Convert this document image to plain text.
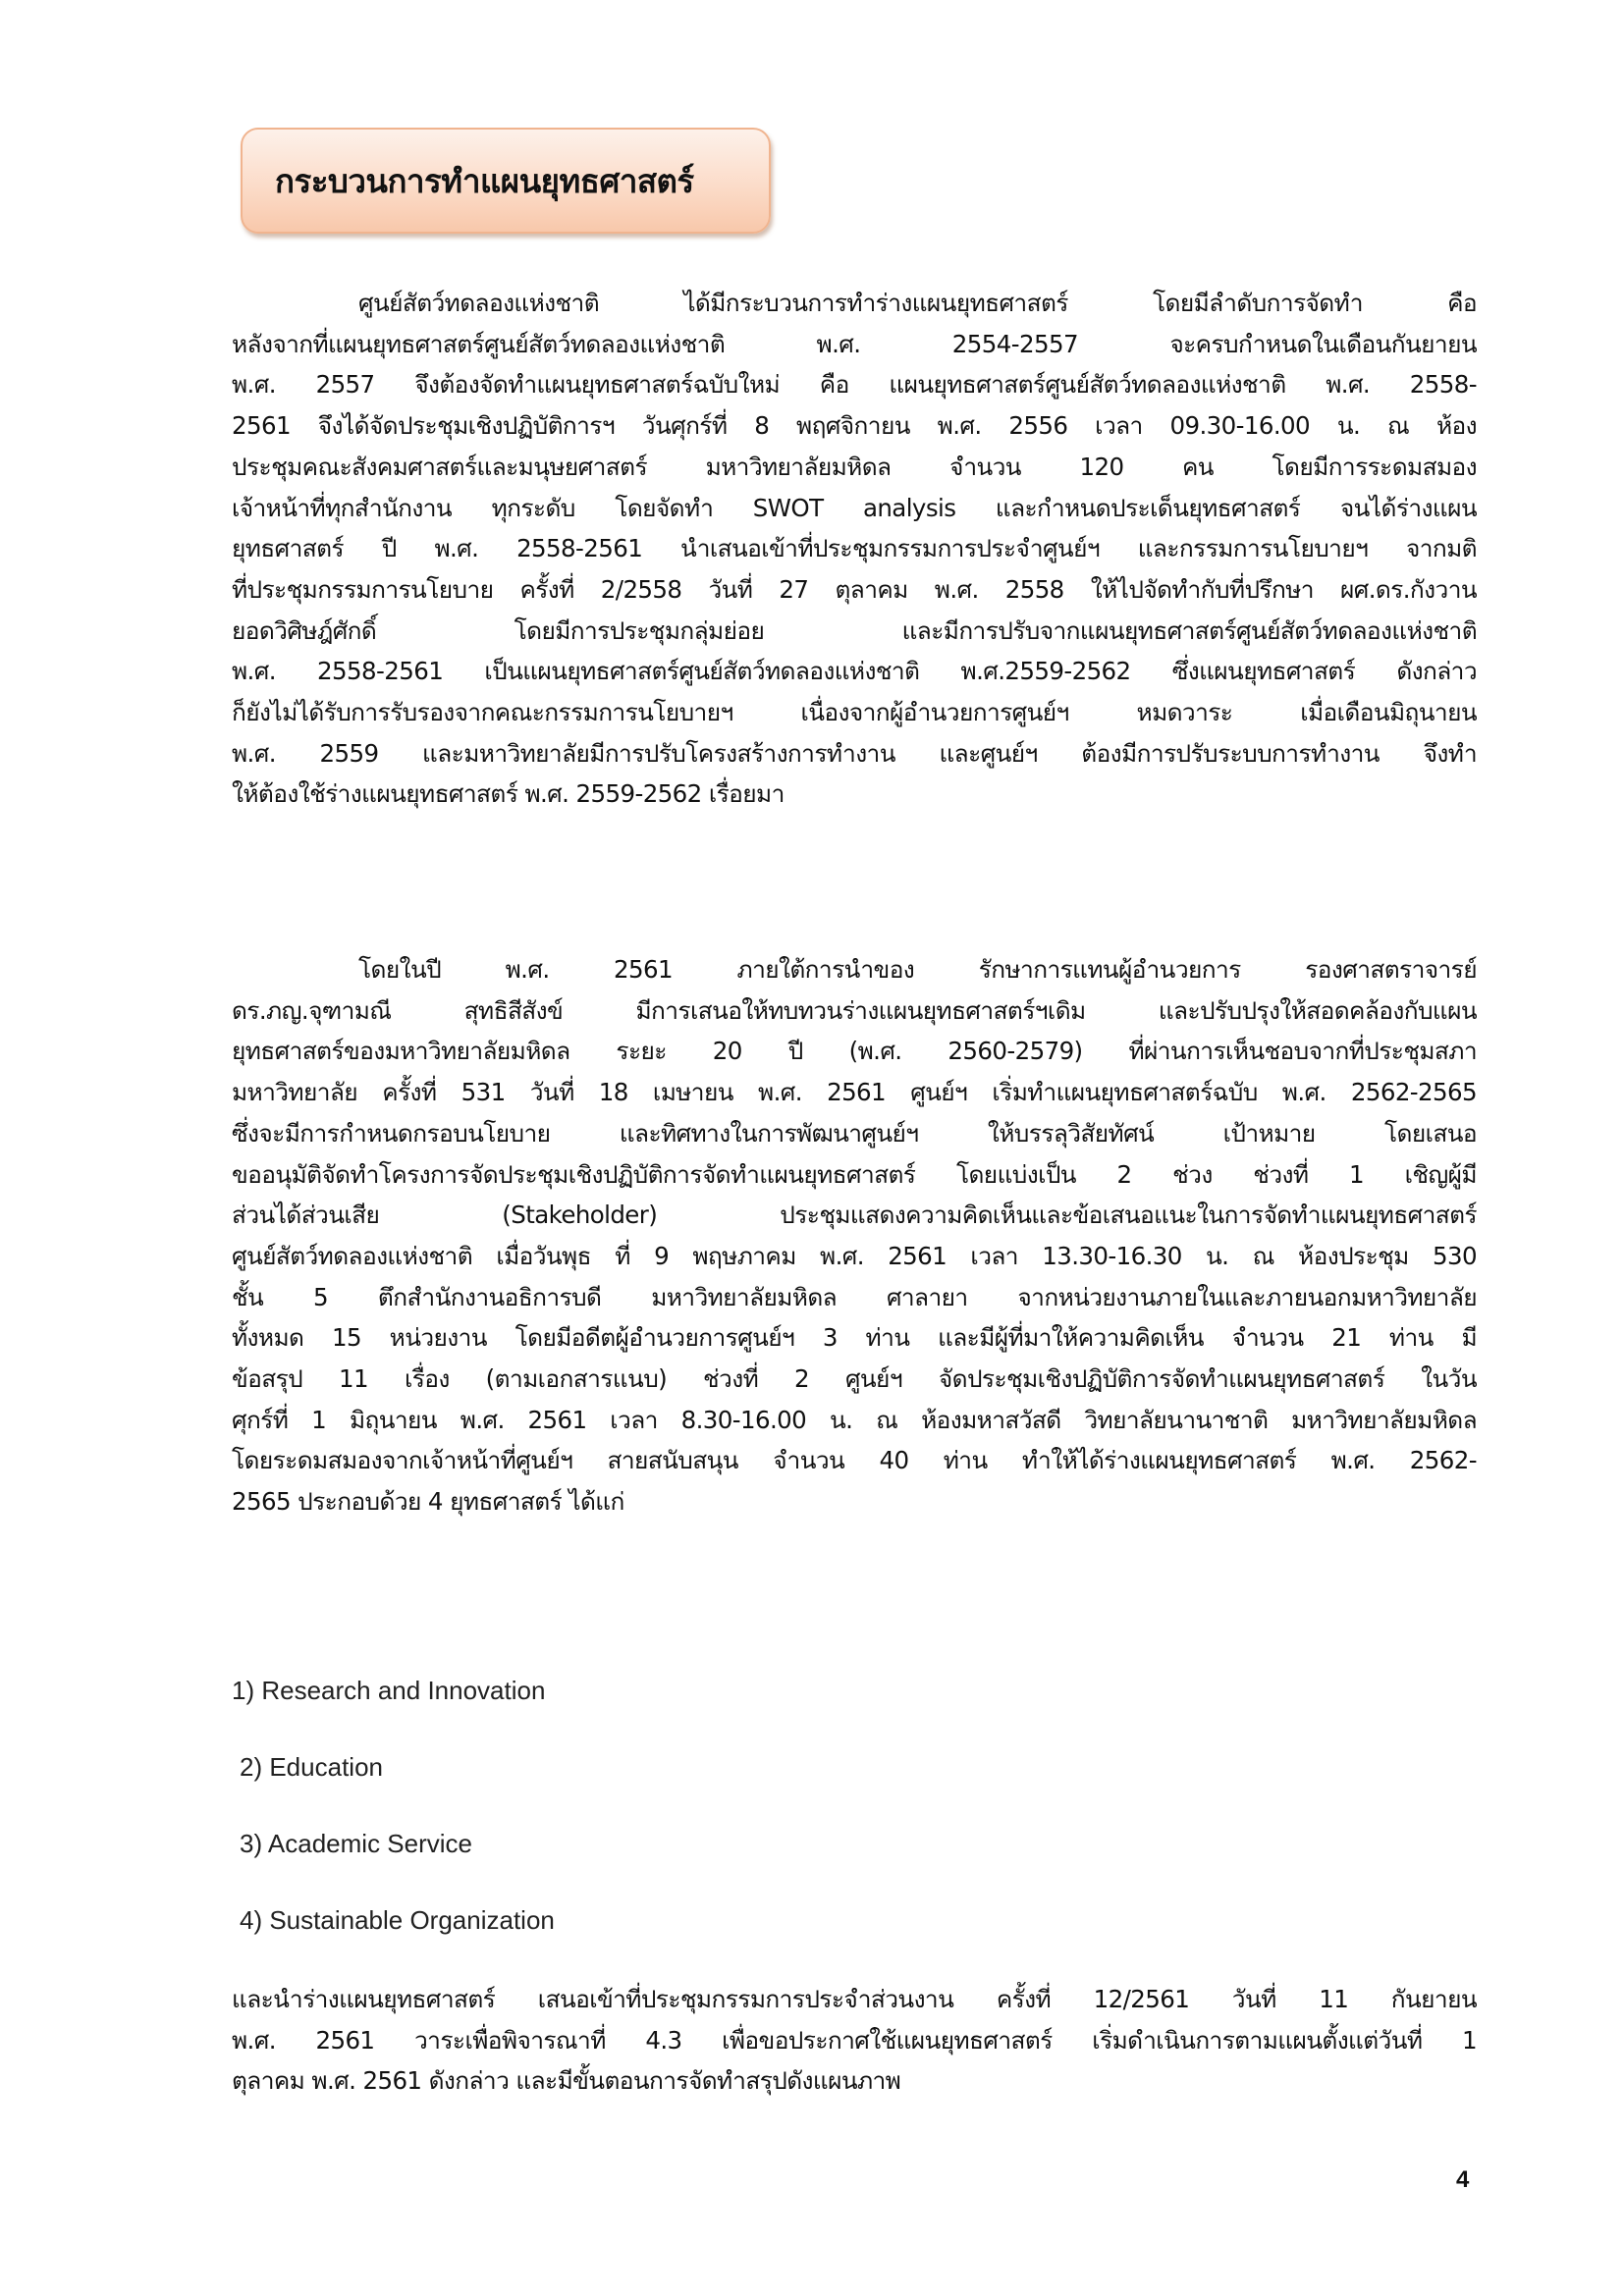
กระบวนการทำแผนยุทธศาสตร์
ศูนย์สัตว์ทดลองแห่งชาติ ได้มีกระบวนการทำร่างแผนยุทธศาสตร์ โดยมีลำดับการจัดทำ คือ
หลังจากที่แผนยุทธศาสตร์ศูนย์สัตว์ทดลองแห่งชาติ พ.ศ. 2554-2557 จะครบกำหนดในเดือนกันยายน
พ.ศ. 2557 จึงต้องจัดทำแผนยุทธศาสตร์ฉบับใหม่ คือ แผนยุทธศาสตร์ศูนย์สัตว์ทดลองแห่งชาติ พ.ศ. 2558-
2561 จึงได้จัดประชุมเชิงปฏิบัติการฯ วันศุกร์ที่ 8 พฤศจิกายน พ.ศ. 2556 เวลา 09.30-16.00 น. ณ ห้อง
ประชุมคณะสังคมศาสตร์และมนุษยศาสตร์ มหาวิทยาลัยมหิดล จำนวน 120 คน โดยมีการระดมสมอง
เจ้าหน้าที่ทุกสำนักงาน ทุกระดับ โดยจัดทำ SWOT analysis และกำหนดประเด็นยุทธศาสตร์ จนได้ร่างแผน
ยุทธศาสตร์ ปี พ.ศ. 2558-2561 นำเสนอเข้าที่ประชุมกรรมการประจำศูนย์ฯ และกรรมการนโยบายฯ จากมติ
ที่ประชุมกรรมการนโยบาย ครั้งที่ 2/2558 วันที่ 27 ตุลาคม พ.ศ. 2558 ให้ไปจัดทำกับที่ปรึกษา ผศ.ดร.กังวาน
ยอดวิศิษฎ์ศักดิ์ โดยมีการประชุมกลุ่มย่อย และมีการปรับจากแผนยุทธศาสตร์ศูนย์สัตว์ทดลองแห่งชาติ
พ.ศ. 2558-2561 เป็นแผนยุทธศาสตร์ศูนย์สัตว์ทดลองแห่งชาติ พ.ศ.2559-2562 ซึ่งแผนยุทธศาสตร์ ดังกล่าว
ก็ยังไม่ได้รับการรับรองจากคณะกรรมการนโยบายฯ เนื่องจากผู้อำนวยการศูนย์ฯ หมดวาระ เมื่อเดือนมิถุนายน
พ.ศ. 2559 และมหาวิทยาลัยมีการปรับโครงสร้างการทำงาน และศูนย์ฯ ต้องมีการปรับระบบการทำงาน จึงทำ
ให้ต้องใช้ร่างแผนยุทธศาสตร์ พ.ศ. 2559-2562 เรื่อยมา
โดยในปี พ.ศ. 2561 ภายใต้การนำของ รักษาการแทนผู้อำนวยการ รองศาสตราจารย์
ดร.ภญ.จุฑามณี สุทธิสีสังข์ มีการเสนอให้ทบทวนร่างแผนยุทธศาสตร์ฯเดิม และปรับปรุงให้สอดคล้องกับแผน
ยุทธศาสตร์ของมหาวิทยาลัยมหิดล ระยะ 20 ปี (พ.ศ. 2560-2579) ที่ผ่านการเห็นชอบจากที่ประชุมสภา
มหาวิทยาลัย ครั้งที่ 531 วันที่ 18 เมษายน พ.ศ. 2561 ศูนย์ฯ เริ่มทำแผนยุทธศาสตร์ฉบับ พ.ศ. 2562-2565
ซึ่งจะมีการกำหนดกรอบนโยบาย และทิศทางในการพัฒนาศูนย์ฯ ให้บรรลุวิสัยทัศน์ เป้าหมาย โดยเสนอ
ขออนุมัติจัดทำโครงการจัดประชุมเชิงปฏิบัติการจัดทำแผนยุทธศาสตร์ โดยแบ่งเป็น 2 ช่วง ช่วงที่ 1 เชิญผู้มี
ส่วนได้ส่วนเสีย (Stakeholder) ประชุมแสดงความคิดเห็นและข้อเสนอแนะในการจัดทำแผนยุทธศาสตร์
ศูนย์สัตว์ทดลองแห่งชาติ เมื่อวันพุธ ที่ 9 พฤษภาคม พ.ศ. 2561 เวลา 13.30-16.30 น. ณ ห้องประชุม 530
ชั้น 5 ตึกสำนักงานอธิการบดี มหาวิทยาลัยมหิดล ศาลายา จากหน่วยงานภายในและภายนอกมหาวิทยาลัย
ทั้งหมด 15 หน่วยงาน โดยมีอดีตผู้อำนวยการศูนย์ฯ 3 ท่าน และมีผู้ที่มาให้ความคิดเห็น จำนวน 21 ท่าน มี
ข้อสรุป 11 เรื่อง (ตามเอกสารแนบ) ช่วงที่ 2 ศูนย์ฯ จัดประชุมเชิงปฏิบัติการจัดทำแผนยุทธศาสตร์ ในวัน
ศุกร์ที่ 1 มิถุนายน พ.ศ. 2561 เวลา 8.30-16.00 น. ณ ห้องมหาสวัสดี วิทยาลัยนานาชาติ มหาวิทยาลัยมหิดล
โดยระดมสมองจากเจ้าหน้าที่ศูนย์ฯ สายสนับสนุน จำนวน 40 ท่าน ทำให้ได้ร่างแผนยุทธศาสตร์ พ.ศ. 2562-
2565 ประกอบด้วย 4 ยุทธศาสตร์ ได้แก่
1) Research and Innovation
2) Education
3) Academic Service
4) Sustainable Organization
และนำร่างแผนยุทธศาสตร์ เสนอเข้าที่ประชุมกรรมการประจำส่วนงาน ครั้งที่ 12/2561 วันที่ 11 กันยายน
พ.ศ. 2561 วาระเพื่อพิจารณาที่ 4.3 เพื่อขอประกาศใช้แผนยุทธศาสตร์ เริ่มดำเนินการตามแผนตั้งแต่วันที่ 1
ตุลาคม พ.ศ. 2561 ดังกล่าว และมีขั้นตอนการจัดทำสรุปดังแผนภาพ
4
